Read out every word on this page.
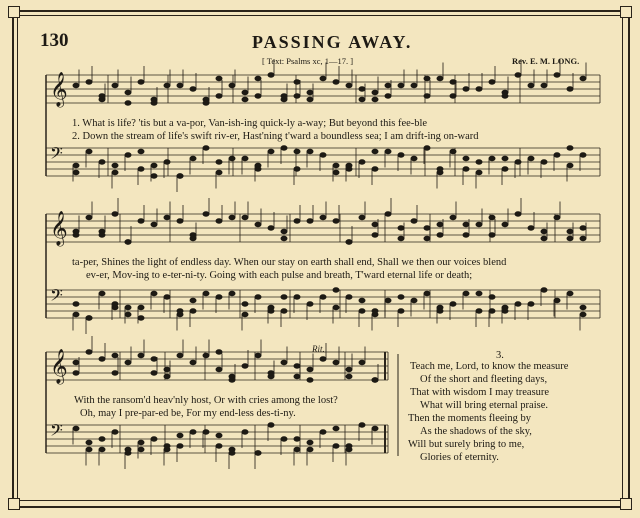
130	PASSING AWAY.
[ Text: Psalms xc, 1—17. ]	Rev. E. M. LONG.
𝄞
𝄢
𝄞
𝄢
𝄞
𝄢
1. What is life? 'tis but a va-por, Van-ish-ing quick-ly a-way; But beyond this fee-ble
2. Down the stream of life's swift riv-er, Hast'ning t'ward a boundless sea; I am drift-ing on-ward
ta-per, Shines the light of endless day. When our stay on earth shall end, Shall we then our voices blend
ev-er, Mov-ing to e-ter-ni-ty. Going with each pulse and breath, T'ward eternal life or death;
Rit.
With the ransom'd heav'nly host, Or with cries among the lost?
Oh, may I pre-par-ed be, For my end-less des-ti-ny.
3.
Teach me, Lord, to know the measure
Of the short and fleeting days,
That with wisdom I may treasure
What will bring eternal praise.
Then the moments fleeing by
As the shadows of the sky,
Will but surely bring to me,
Glories of eternity.
